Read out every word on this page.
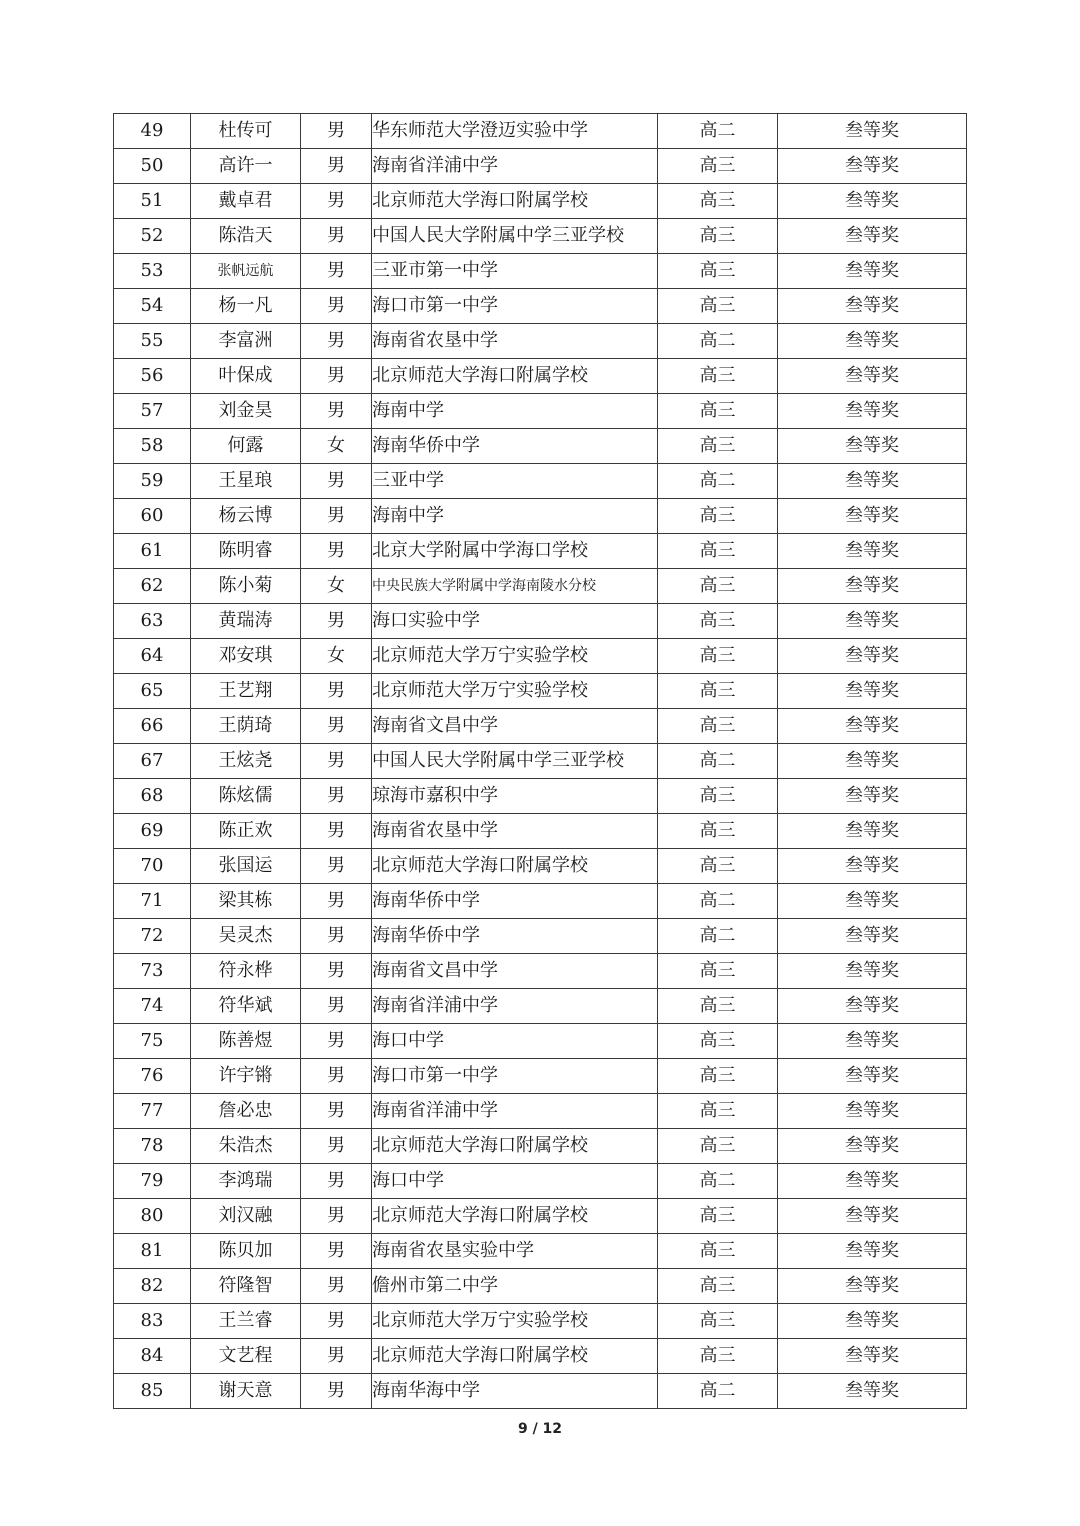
49	杜传可	男	华东师范大学澄迈实验中学	高二	叁等奖
50	高许一	男	海南省洋浦中学	高三	叁等奖
51	戴卓君	男	北京师范大学海口附属学校	高三	叁等奖
52	陈浩天	男	中国人民大学附属中学三亚学校	高三	叁等奖
53	张帆远航	男	三亚市第一中学	高三	叁等奖
54	杨一凡	男	海口市第一中学	高三	叁等奖
55	李富洲	男	海南省农垦中学	高二	叁等奖
56	叶保成	男	北京师范大学海口附属学校	高三	叁等奖
57	刘金昊	男	海南中学	高三	叁等奖
58	何露	女	海南华侨中学	高三	叁等奖
59	王星琅	男	三亚中学	高二	叁等奖
60	杨云博	男	海南中学	高三	叁等奖
61	陈明睿	男	北京大学附属中学海口学校	高三	叁等奖
62	陈小菊	女	中央民族大学附属中学海南陵水分校	高三	叁等奖
63	黄瑞涛	男	海口实验中学	高三	叁等奖
64	邓安琪	女	北京师范大学万宁实验学校	高三	叁等奖
65	王艺翔	男	北京师范大学万宁实验学校	高三	叁等奖
66	王荫琦	男	海南省文昌中学	高三	叁等奖
67	王炫尧	男	中国人民大学附属中学三亚学校	高二	叁等奖
68	陈炫儒	男	琼海市嘉积中学	高三	叁等奖
69	陈正欢	男	海南省农垦中学	高三	叁等奖
70	张国运	男	北京师范大学海口附属学校	高三	叁等奖
71	梁其栋	男	海南华侨中学	高二	叁等奖
72	吴灵杰	男	海南华侨中学	高二	叁等奖
73	符永桦	男	海南省文昌中学	高三	叁等奖
74	符华斌	男	海南省洋浦中学	高三	叁等奖
75	陈善煜	男	海口中学	高三	叁等奖
76	许宇锵	男	海口市第一中学	高三	叁等奖
77	詹必忠	男	海南省洋浦中学	高三	叁等奖
78	朱浩杰	男	北京师范大学海口附属学校	高三	叁等奖
79	李鸿瑞	男	海口中学	高二	叁等奖
80	刘汉融	男	北京师范大学海口附属学校	高三	叁等奖
81	陈贝加	男	海南省农垦实验中学	高三	叁等奖
82	符隆智	男	儋州市第二中学	高三	叁等奖
83	王兰睿	男	北京师范大学万宁实验学校	高三	叁等奖
84	文艺程	男	北京师范大学海口附属学校	高三	叁等奖
85	谢天意	男	海南华海中学	高二	叁等奖
9 / 12
